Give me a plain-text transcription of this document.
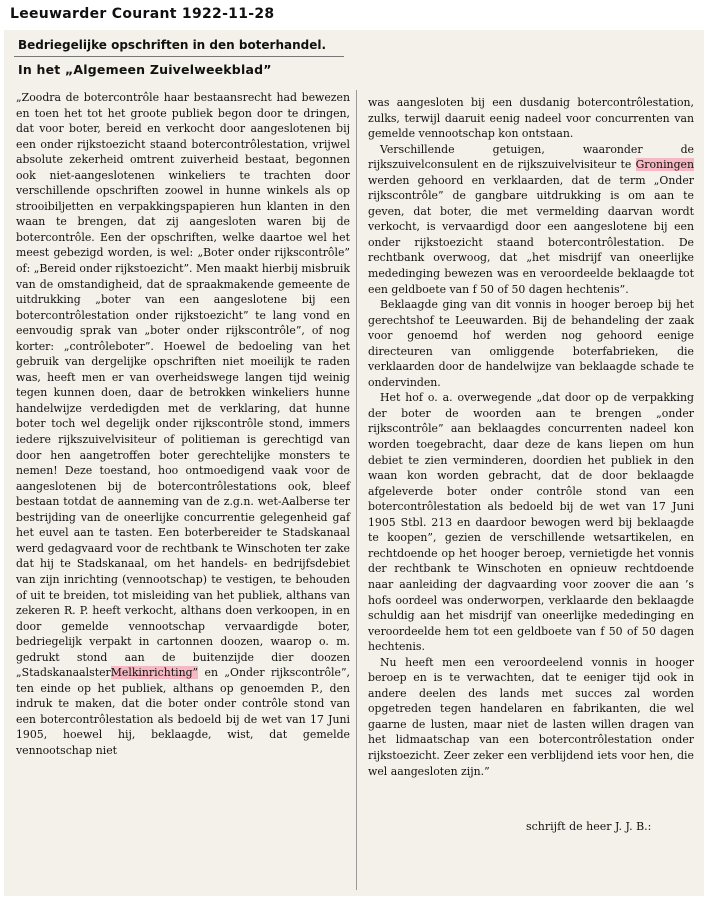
Leeuwarder Courant 1922-11-28
Bedriegelijke opschriften in den boterhandel.
In het „Algemeen Zuivelweekblad”

„Zoodra de botercontrôle haar bestaansrecht had bewezen en toen het tot het groote publiek begon door te dringen, dat voor boter, bereid en verkocht door aangeslotenen bij een onder rijkstoezicht staand botercontrôlestation, vrijwel absolute zekerheid omtrent zuiverheid bestaat, begonnen ook niet-aangeslotenen winkeliers te trachten door verschillende opschriften zoowel in hunne winkels als op strooibiljetten en verpakkingspapieren hun klanten in den waan te brengen, dat zij aangesloten waren bij de botercontrôle. Een der opschriften, welke daartoe wel het meest gebezigd worden, is wel: „Boter onder rijkscontrôle” of: „Bereid onder rijkstoezicht”. Men maakt hierbij misbruik van de omstandigheid, dat de spraakmakende gemeente de uitdrukking „boter van een aangeslotene bij een botercontrôlestation onder rijkstoezicht” te lang vond en eenvoudig sprak van „boter onder rijkscontrôle”, of nog korter: „contrôleboter”. Hoewel de bedoeling van het gebruik van dergelijke opschriften niet moeilijk te raden was, heeft men er van overheidswege langen tijd weinig tegen kunnen doen, daar de betrokken winkeliers hunne handelwijze verdedigden met de verklaring, dat hunne boter toch wel degelijk onder rijkscontrôle stond, immers iedere rijkszuivelvisiteur of politieman is gerechtigd van door hen aangetroffen boter gerechtelijke monsters te nemen! Deze toestand, hoo ontmoedigend vaak voor de aangeslotenen bij de botercontrôlestations ook, bleef bestaan totdat de aanneming van de z.g.n. wet-Aalberse ter bestrijding van de oneerlijke concurrentie gelegenheid gaf het euvel aan te tasten. Een boterbereider te Stadskanaal werd gedagvaard voor de rechtbank te Winschoten ter zake dat hij te Stadskanaal, om het handels- en bedrijfsdebiet van zijn inrichting (vennootschap) te vestigen, te behouden of uit te breiden, tot misleiding van het publiek, althans van zekeren R. P. heeft verkocht, althans doen verkoopen, in en door gemelde vennootschap vervaardigde boter, bedriegelijk verpakt in cartonnen doozen, waarop o. m. gedrukt stond aan de buitenzijde dier doozen „StadskanaalsterMelkinrichting” en „Onder rijkscontrôle”, ten einde op het publiek, althans op genoemden P., den indruk te maken, dat die boter onder contrôle stond van een botercontrôlestation als bedoeld bij de wet van 17 Juni 1905, hoewel hij, beklaagde, wist, dat gemelde vennootschap niet

was aangesloten bij een dusdanig botercontrôlestation, zulks, terwijl daaruit eenig nadeel voor concurrenten van gemelde vennootschap kon ontstaan.

Verschillende getuigen, waaronder de rijkszuivelconsulent en de rijkszuivelvisiteur te Groningen werden gehoord en verklaarden, dat de term „Onder rijkscontrôle” de gangbare uitdrukking is om aan te geven, dat boter, die met vermelding daarvan wordt verkocht, is vervaardigd door een aangeslotene bij een onder rijkstoezicht staand botercontrôlestation. De rechtbank overwoog, dat „het misdrijf van oneerlijke mededinging bewezen was en veroordeelde beklaagde tot een geldboete van f 50 of 50 dagen hechtenis”.

Beklaagde ging van dit vonnis in hooger beroep bij het gerechtshof te Leeuwarden. Bij de behandeling der zaak voor genoemd hof werden nog gehoord eenige directeuren van omliggende boterfabrieken, die verklaarden door de handelwijze van beklaagde schade te ondervinden.

Het hof o. a. overwegende „dat door op de verpakking der boter de woorden aan te brengen „onder rijkscontrôle” aan beklaagdes concurrenten nadeel kon worden toegebracht, daar deze de kans liepen om hun debiet te zien verminderen, doordien het publiek in den waan kon worden gebracht, dat de door beklaagde afgeleverde boter onder contrôle stond van een botercontrôlestation als bedoeld bij de wet van 17 Juni 1905 Stbl. 213 en daardoor bewogen werd bij beklaagde te koopen”, gezien de verschillende wetsartikelen, en rechtdoende op het hooger beroep, vernietigde het vonnis der rechtbank te Winschoten en opnieuw rechtdoende naar aanleiding der dagvaarding voor zoover die aan ’s hofs oordeel was onderworpen, verklaarde den beklaagde schuldig aan het misdrijf van oneerlijke mededinging en veroordeelde hem tot een geldboete van f 50 of 50 dagen hechtenis.

Nu heeft men een veroordeelend vonnis in hooger beroep en is te verwachten, dat te eeniger tijd ook in andere deelen des lands met succes zal worden opgetreden tegen handelaren en fabrikanten, die wel gaarne de lusten, maar niet de lasten willen dragen van het lidmaatschap van een botercontrôlestation onder rijkstoezicht. Zeer zeker een verblijdend iets voor hen, die wel aangesloten zijn.”

schrijft de heer J. J. B.:
